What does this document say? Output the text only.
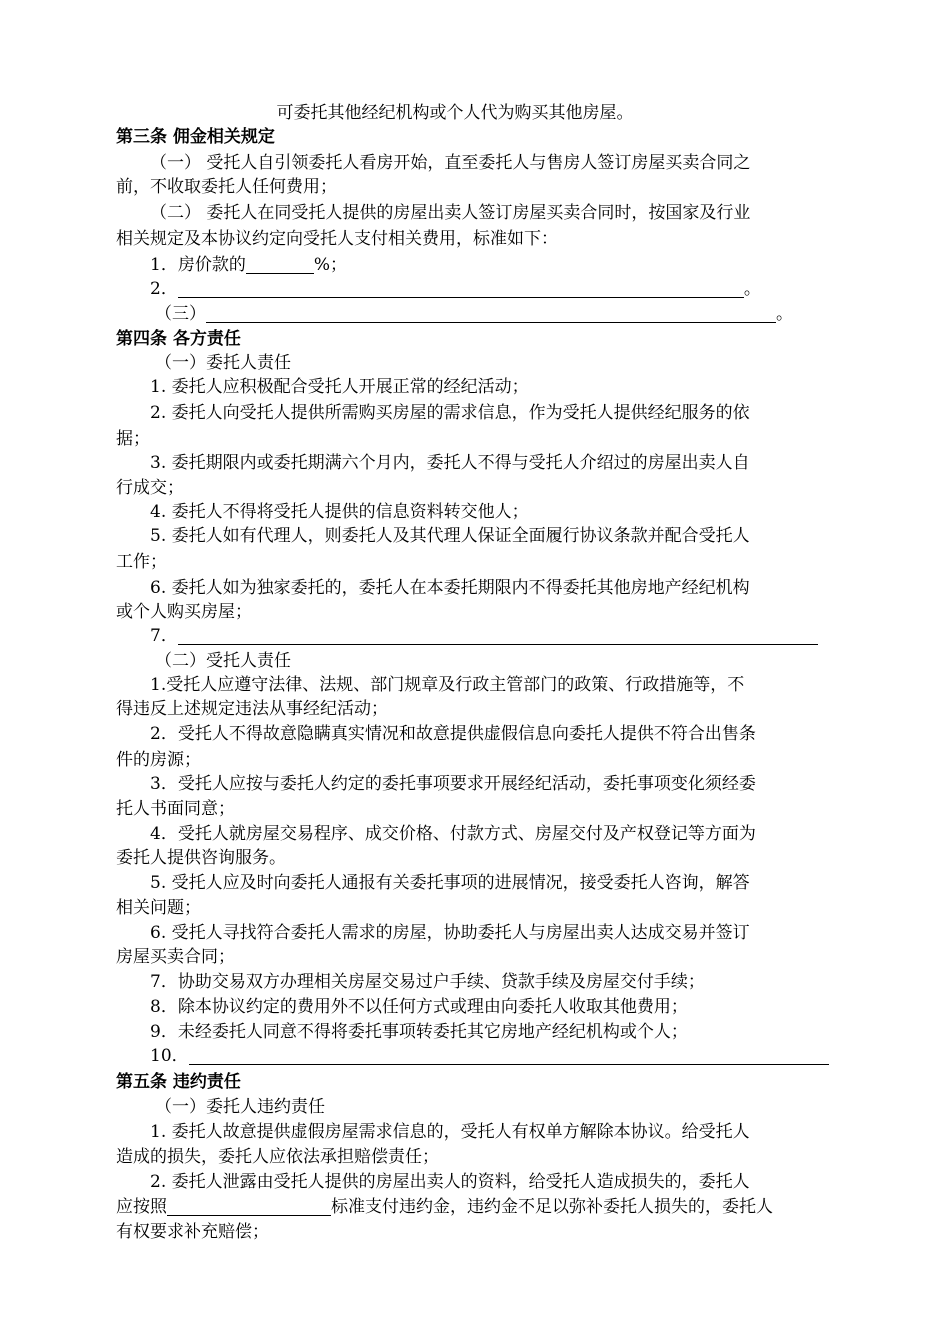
可委托其他经纪机构或个人代为购买其他房屋。
第三条 佣金相关规定
（一） 受托人自引领委托人看房开始，直至委托人与售房人签订房屋买卖合同之
前，不收取委托人任何费用；
（二） 委托人在同受托人提供的房屋出卖人签订房屋买卖合同时，按国家及行业
相关规定及本协议约定向受托人支付相关费用，标准如下：
1．房价款的	%；
2．	。
（三）	。
第四条 各方责任
（一）委托人责任
1. 委托人应积极配合受托人开展正常的经纪活动；
2. 委托人向受托人提供所需购买房屋的需求信息，作为受托人提供经纪服务的依
据；
3. 委托期限内或委托期满六个月内，委托人不得与受托人介绍过的房屋出卖人自
行成交；
4. 委托人不得将受托人提供的信息资料转交他人；
5. 委托人如有代理人，则委托人及其代理人保证全面履行协议条款并配合受托人
工作；
6. 委托人如为独家委托的，委托人在本委托期限内不得委托其他房地产经纪机构
或个人购买房屋；
7．
（二）受托人责任
1.受托人应遵守法律、法规、部门规章及行政主管部门的政策、行政措施等，不
得违反上述规定违法从事经纪活动；
2．受托人不得故意隐瞒真实情况和故意提供虚假信息向委托人提供不符合出售条
件的房源；
3．受托人应按与委托人约定的委托事项要求开展经纪活动，委托事项变化须经委
托人书面同意；
4．受托人就房屋交易程序、成交价格、付款方式、房屋交付及产权登记等方面为
委托人提供咨询服务。
5. 受托人应及时向委托人通报有关委托事项的进展情况，接受委托人咨询，解答
相关问题；
6. 受托人寻找符合委托人需求的房屋，协助委托人与房屋出卖人达成交易并签订
房屋买卖合同；
7．协助交易双方办理相关房屋交易过户手续、贷款手续及房屋交付手续；
8．除本协议约定的费用外不以任何方式或理由向委托人收取其他费用；
9．未经委托人同意不得将委托事项转委托其它房地产经纪机构或个人；
10．
第五条 违约责任
（一）委托人违约责任
1. 委托人故意提供虚假房屋需求信息的，受托人有权单方解除本协议。给受托人
造成的损失，委托人应依法承担赔偿责任；
2. 委托人泄露由受托人提供的房屋出卖人的资料，给受托人造成损失的，委托人
应按照	标准支付违约金，违约金不足以弥补委托人损失的，委托人
有权要求补充赔偿；
